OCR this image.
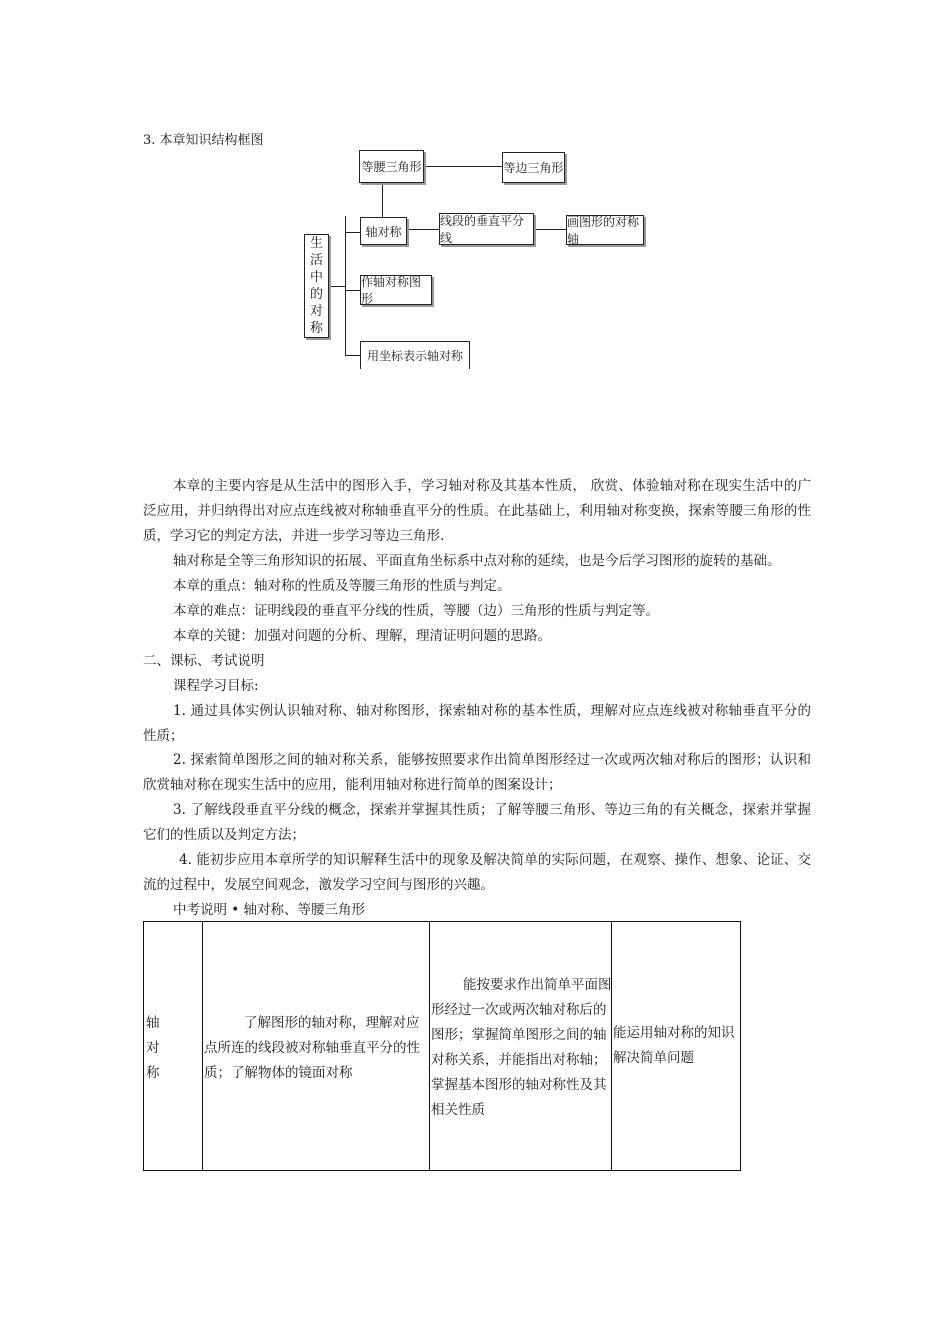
3. 本章知识结构框图
生
活
中
的
对
称
等腰三角形	等边三角形
轴对称
线段的垂直平分线
画图形的对称轴
作轴对称图形
用坐标表示轴对称

本章的主要内容是从生活中的图形入手，学习轴对称及其基本性质， 欣赏、体验轴对称在现实生活中的广泛应用，并归纳得出对应点连线被对称轴垂直平分的性质。在此基础上，利用轴对称变换，探索等腰三角形的性质，学习它的判定方法，并进一步学习等边三角形.

轴对称是全等三角形知识的拓展、平面直角坐标系中点对称的延续，也是今后学习图形的旋转的基础。

本章的重点：轴对称的性质及等腰三角形的性质与判定。

本章的难点：证明线段的垂直平分线的性质，等腰（边）三角形的性质与判定等。

本章的关键：加强对问题的分析、理解，理清证明问题的思路。

二、课标、考试说明
课程学习目标:

1. 通过具体实例认识轴对称、轴对称图形，探索轴对称的基本性质，理解对应点连线被对称轴垂直平分的性质；

2. 探索简单图形之间的轴对称关系，能够按照要求作出简单图形经过一次或两次轴对称后的图形；认识和欣赏轴对称在现实生活中的应用，能利用轴对称进行简单的图案设计；

3. 了解线段垂直平分线的概念，探索并掌握其性质；了解等腰三角形、等边三角的有关概念，探索并掌握它们的性质以及判定方法；

4. 能初步应用本章所学的知识解释生活中的现象及解决简单的实际问题，在观察、操作、想象、论证、交流的过程中，发展空间观念，激发学习空间与图形的兴趣。

中考说明 • 轴对称、等腰三角形
轴
对
称
了解图形的轴对称，理解对应点所连的线段被对称轴垂直平分的性质；了解物体的镜面对称
能按要求作出简单平面图形经过一次或两次轴对称后的图形；掌握简单图形之间的轴对称关系，并能指出对称轴；掌握基本图形的轴对称性及其相关性质
能运用轴对称的知识解决简单问题
